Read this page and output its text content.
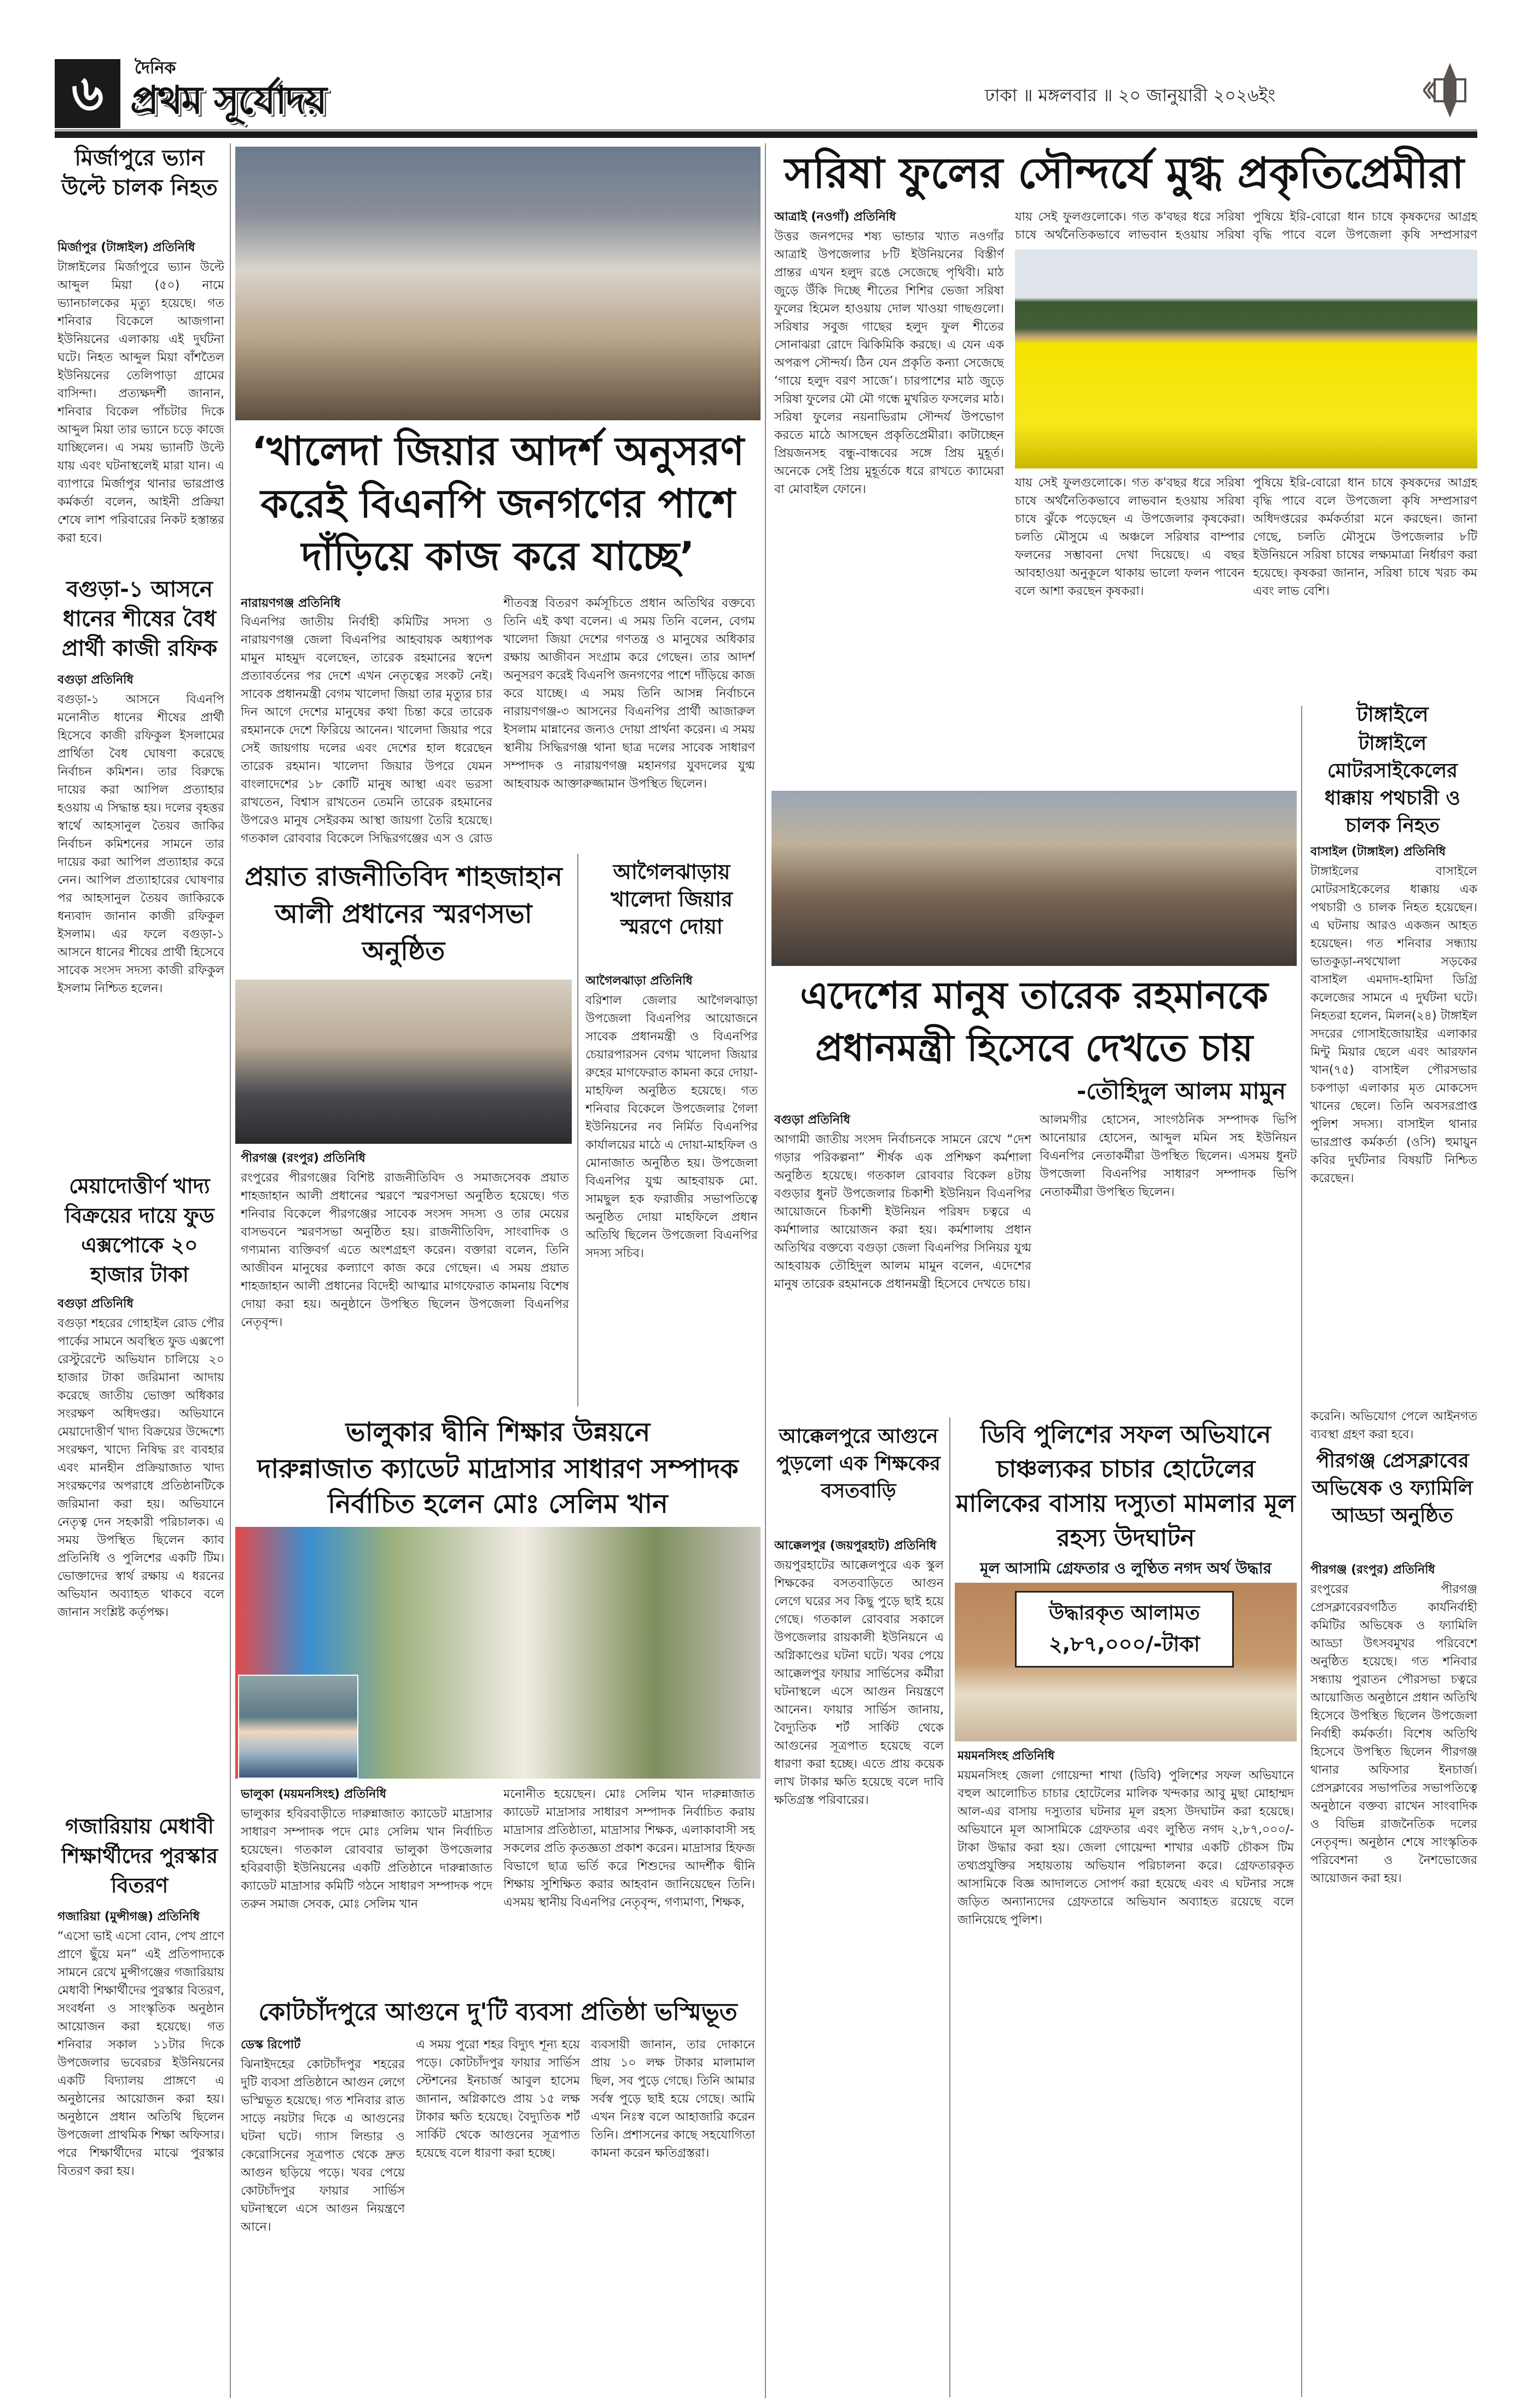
৬	দৈনিক
প্রথম সূর্যোদয়	ঢাকা ॥ মঙ্গলবার ॥ ২০ জানুয়ারী ২০২৬ইং
মির্জাপুরে ভ্যান উল্টে চালক নিহত
মির্জাপুর (টাঙ্গাইল) প্রতিনিধি
টাঙ্গাইলের মির্জাপুরে ভ্যান উল্টে আব্দুল মিয়া (৫০) নামে ভ্যানচালকের মৃত্যু হয়েছে। গত শনিবার বিকেলে আজগানা ইউনিয়নের এলাকায় এই দুর্ঘটনা ঘটে। নিহত আব্দুল মিয়া বাঁশতৈল ইউনিয়নের তেলিপাড়া গ্রামের বাসিন্দা। প্রত্যক্ষদর্শী জানান, শনিবার বিকেল পাঁচটার দিকে আব্দুল মিয়া তার ভ্যানে চড়ে কাজে যাচ্ছিলেন। এ সময় ভ্যানটি উল্টে যায় এবং ঘটনাস্থলেই মারা যান। এ ব্যাপারে মির্জাপুর থানার ভারপ্রাপ্ত কর্মকর্তা বলেন, আইনী প্রক্রিয়া শেষে লাশ পরিবারের নিকট হস্তান্তর করা হবে।
বগুড়া-১ আসনে ধানের শীষের বৈধ প্রার্থী কাজী রফিক
বগুড়া প্রতিনিধি
বগুড়া-১ আসনে বিএনপি মনোনীত ধানের শীষের প্রার্থী হিসেবে কাজী রফিকুল ইসলামের প্রার্থিতা বৈধ ঘোষণা করেছে নির্বাচন কমিশন। তার বিরুদ্ধে দায়ের করা আপিল প্রত্যাহার হওয়ায় এ সিদ্ধান্ত হয়। দলের বৃহত্তর স্বার্থে আহসানুল তৈয়ব জাকির নির্বাচন কমিশনের সামনে তার দায়ের করা আপিল প্রত্যাহার করে নেন। আপিল প্রত্যাহারের ঘোষণার পর আহসানুল তৈয়ব জাকিরকে ধন্যবাদ জানান কাজী রফিকুল ইসলাম। এর ফলে বগুড়া-১ আসনে ধানের শীষের প্রার্থী হিসেবে সাবেক সংসদ সদস্য কাজী রফিকুল ইসলাম নিশ্চিত হলেন।
মেয়াদোত্তীর্ণ খাদ্য বিক্রয়ের দায়ে ফুড এক্সপোকে ২০ হাজার টাকা
বগুড়া প্রতিনিধি
বগুড়া শহরের গোহাইল রোড পৌর পার্কের সামনে অবস্থিত ফুড এক্সপো রেস্টুরেন্টে অভিযান চালিয়ে ২০ হাজার টাকা জরিমানা আদায় করেছে জাতীয় ভোক্তা অধিকার সংরক্ষণ অধিদপ্তর। অভিযানে মেয়াদোত্তীর্ণ খাদ্য বিক্রয়ের উদ্দেশ্যে সংরক্ষণ, খাদ্যে নিষিদ্ধ রং ব্যবহার এবং মানহীন প্রক্রিয়াজাত খাদ্য সংরক্ষণের অপরাধে প্রতিষ্ঠানটিকে জরিমানা করা হয়। অভিযানে নেতৃত্ব দেন সহকারী পরিচালক। এ সময় উপস্থিত ছিলেন ক্যাব প্রতিনিধি ও পুলিশের একটি টিম। ভোক্তাদের স্বার্থ রক্ষায় এ ধরনের অভিযান অব্যাহত থাকবে বলে জানান সংশ্লিষ্ট কর্তৃপক্ষ।
গজারিয়ায় মেধাবী শিক্ষার্থীদের পুরস্কার বিতরণ
গজারিয়া (মুন্সীগঞ্জ) প্রতিনিধি
“এসো ভাই এসো বোন, পেখ প্রাণে প্রাণে ছুঁয়ে মন” এই প্রতিপাদ্যকে সামনে রেখে মুন্সীগঞ্জের গজারিয়ায় মেধাবী শিক্ষার্থীদের পুরস্কার বিতরণ, সংবর্ধনা ও সাংস্কৃতিক অনুষ্ঠান আয়োজন করা হয়েছে। গত শনিবার সকাল ১১টার দিকে উপজেলার ভবেরচর ইউনিয়নের একটি বিদ্যালয় প্রাঙ্গণে এ অনুষ্ঠানের আয়োজন করা হয়। অনুষ্ঠানে প্রধান অতিথি ছিলেন উপজেলা প্রাথমিক শিক্ষা অফিসার। পরে শিক্ষার্থীদের মাঝে পুরস্কার বিতরণ করা হয়।
‘খালেদা জিয়ার আদর্শ অনুসরণ করেই বিএনপি জনগণের পাশে দাঁড়িয়ে কাজ করে যাচ্ছে’
নারায়ণগঞ্জ প্রতিনিধি
বিএনপির জাতীয় নির্বাহী কমিটির সদস্য ও নারায়ণগঞ্জ জেলা বিএনপির আহবায়ক অধ্যাপক মামুন মাহমুদ বলেছেন, তারেক রহমানের স্বদেশ প্রত্যাবর্তনের পর দেশে এখন নেতৃত্বের সংকট নেই। সাবেক প্রধানমন্ত্রী বেগম খালেদা জিয়া তার মৃত্যুর চার দিন আগে দেশের মানুষের কথা চিন্তা করে তারেক রহমানকে দেশে ফিরিয়ে আনেন। খালেদা জিয়ার পরে সেই জায়গায় দলের এবং দেশের হাল ধরেছেন তারেক রহমান। খালেদা জিয়ার উপরে যেমন বাংলাদেশের ১৮ কোটি মানুষ আস্থা এবং ভরসা রাখতেন, বিশ্বাস রাখতেন তেমনি তারেক রহমানের উপরেও মানুষ সেইরকম আস্থা জায়গা তৈরি হয়েছে। গতকাল রোববার বিকেলে সিদ্ধিরগঞ্জের এস ও রোড
শীতবস্ত্র বিতরণ কর্মসূচিতে প্রধান অতিথির বক্তব্যে তিনি এই কথা বলেন। এ সময় তিনি বলেন, বেগম খালেদা জিয়া দেশের গণতন্ত্র ও মানুষের অধিকার রক্ষায় আজীবন সংগ্রাম করে গেছেন। তার আদর্শ অনুসরণ করেই বিএনপি জনগণের পাশে দাঁড়িয়ে কাজ করে যাচ্ছে। এ সময় তিনি আসন্ন নির্বাচনে নারায়ণগঞ্জ-৩ আসনের বিএনপির প্রার্থী আজারুল ইসলাম মান্নানের জন্যও দোয়া প্রার্থনা করেন। এ সময় স্থানীয় সিদ্ধিরগঞ্জ থানা ছাত্র দলের সাবেক সাধারণ সম্পাদক ও নারায়ণগঞ্জ মহানগর যুবদলের যুগ্ম আহবায়ক আক্তারুজ্জামান উপস্থিত ছিলেন।
প্রয়াত রাজনীতিবিদ শাহজাহান আলী প্রধানের স্মরণসভা অনুষ্ঠিত
পীরগঞ্জ (রংপুর) প্রতিনিধি
রংপুরের পীরগঞ্জের বিশিষ্ট রাজনীতিবিদ ও সমাজসেবক প্রয়াত শাহজাহান আলী প্রধানের স্মরণে স্মরণসভা অনুষ্ঠিত হয়েছে। গত শনিবার বিকেলে পীরগঞ্জের সাবেক সংসদ সদস্য ও তার মেয়ের বাসভবনে স্মরণসভা অনুষ্ঠিত হয়। রাজনীতিবিদ, সাংবাদিক ও গণ্যমান্য ব্যক্তিবর্গ এতে অংশগ্রহণ করেন। বক্তারা বলেন, তিনি আজীবন মানুষের কল্যাণে কাজ করে গেছেন। এ সময় প্রয়াত শাহজাহান আলী প্রধানের বিদেহী আত্মার মাগফেরাত কামনায় বিশেষ দোয়া করা হয়। অনুষ্ঠানে উপস্থিত ছিলেন উপজেলা বিএনপির নেতৃবৃন্দ।
আগৈলঝাড়ায় খালেদা জিয়ার স্মরণে দোয়া
আগৈলঝাড়া প্রতিনিধি
বরিশাল জেলার আগৈলঝাড়া উপজেলা বিএনপির আয়োজনে সাবেক প্রধানমন্ত্রী ও বিএনপির চেয়ারপারসন বেগম খালেদা জিয়ার রুহের মাগফেরাত কামনা করে দোয়া-মাহফিল অনুষ্ঠিত হয়েছে। গত শনিবার বিকেলে উপজেলার গৈলা ইউনিয়নের নব নির্মিত বিএনপির কার্যালয়ের মাঠে এ দোয়া-মাহফিল ও মোনাজাত অনুষ্ঠিত হয়। উপজেলা বিএনপির যুগ্ম আহবায়ক মো. সামছুল হক ফরাজীর সভাপতিত্বে অনুষ্ঠিত দোয়া মাহফিলে প্রধান অতিথি ছিলেন উপজেলা বিএনপির সদস্য সচিব।
ভালুকার দ্বীনি শিক্ষার উন্নয়নে
দারুন্নাজাত ক্যাডেট মাদ্রাসার সাধারণ সম্পাদক নির্বাচিত হলেন মোঃ সেলিম খান
ভালুকা (ময়মনসিংহ) প্রতিনিধি
ভালুকার হবিরবাড়ীতে দারুন্নাজাত ক্যাডেট মাদ্রাসার সাধারণ সম্পাদক পদে মোঃ সেলিম খান নির্বাচিত হয়েছেন। গতকাল রোববার ভালুকা উপজেলার হবিরবাড়ী ইউনিয়নের একটি প্রতিষ্ঠানে দারুন্নাজাত ক্যাডেট মাদ্রাসার কমিটি গঠনে সাধারণ সম্পাদক পদে তরুন সমাজ সেবক, মোঃ সেলিম খান
মনোনীত হয়েছেন। মোঃ সেলিম খান দারুন্নাজাত ক্যাডেট মাদ্রাসার সাধারণ সম্পাদক নির্বাচিত করায় মাদ্রাসার প্রতিষ্ঠাতা, মাদ্রাসার শিক্ষক, এলাকাবাসী সহ সকলের প্রতি কৃতজ্ঞতা প্রকাশ করেন। মাদ্রাসার হিফজ বিভাগে ছাত্র ভর্তি করে শিশুদের আদর্শীক দ্বীনি শিক্ষায় সুশিক্ষিত করার আহবান জানিয়েছেন তিনি। এসময় স্থানীয় বিএনপির নেতৃবৃন্দ, গণ্যমাণ্য, শিক্ষক,
কোটচাঁদপুরে আগুনে দু'টি ব্যবসা প্রতিষ্ঠা ভস্মিভূত
ডেস্ক রিপোর্ট
ঝিনাইদহের কোটচাঁদপুর শহরের দুটি ব্যবসা প্রতিষ্ঠানে আগুন লেগে ভস্মিভূত হয়েছে। গত শনিবার রাত সাড়ে নয়টার দিকে এ আগুনের ঘটনা ঘটে। গ্যাস লিন্ডার ও কেরোসিনের সূত্রপাত থেকে দ্রুত আগুন ছড়িয়ে পড়ে। খবর পেয়ে কোটচাঁদপুর ফায়ার সার্ভিস ঘটনাস্থলে এসে আগুন নিয়ন্ত্রণে আনে।
এ সময় পুরো শহর বিদ্যুৎ শূন্য হয়ে পড়ে। কোটচাঁদপুর ফায়ার সার্ভিস স্টেশনের ইনচার্জ আবুল হাসেম জানান, অগ্নিকাণ্ডে প্রায় ১৫ লক্ষ টাকার ক্ষতি হয়েছে। বৈদ্যুতিক শর্ট সার্কিট থেকে আগুনের সূত্রপাত হয়েছে বলে ধারণা করা হচ্ছে।
ব্যবসায়ী জানান, তার দোকানে প্রায় ১০ লক্ষ টাকার মালামাল ছিল, সব পুড়ে গেছে। তিনি আমার সর্বস্ব পুড়ে ছাই হয়ে গেছে। আমি এখন নিঃস্ব বলে আহাজারি করেন তিনি। প্রশাসনের কাছে সহযোগিতা কামনা করেন ক্ষতিগ্রস্তরা।
সরিষা ফুলের সৌন্দর্যে মুগ্ধ প্রকৃতিপ্রেমীরা
আত্রাই (নওগাঁ) প্রতিনিধি
উত্তর জনপদের শষ্য ভান্ডার খ্যাত নওগাঁর আত্রাই উপজেলার ৮টি ইউনিয়নের বিস্তীর্ণ প্রান্তর এখন হলুদ রঙে সেজেছে পৃথিবী। মাঠ জুড়ে উঁকি দিচ্ছে শীতের শিশির ভেজা সরিষা ফুলের হিমেল হাওয়ায় দোল খাওয়া গাছগুলো। সরিষার সবুজ গাছের হলুদ ফুল শীতের সোনাঝরা রোদে ঝিকিমিকি করছে। এ যেন এক অপরূপ সৌন্দর্য। ঠিন যেন প্রকৃতি কন্যা সেজেছে ‘গায়ে হলুদ বরণ সাজে’। চারপাশের মাঠ জুড়ে সরিষা ফুলের মৌ মৌ গন্ধে মুখরিত ফসলের মাঠ। সরিষা ফুলের নয়নাভিরাম সৌন্দর্য উপভোগ করতে মাঠে আসছেন প্রকৃতিপ্রেমীরা। কাটাচ্ছেন প্রিয়জনসহ বন্ধু-বান্ধবের সঙ্গে প্রিয় মুহূর্ত। অনেকে সেই প্রিয় মুহূর্তকে ধরে রাখতে ক্যামেরা বা মোবাইল ফোনে।
যায় সেই ফুলগুলোকে। গত ক'বছর ধরে সরিষা চাষে অর্থনৈতিকভাবে লাভবান হওয়ায় সরিষা
পুষিয়ে ইরি-বোরো ধান চাষে কৃষকদের আগ্রহ বৃদ্ধি পাবে বলে উপজেলা কৃষি সম্প্রসারণ
যায় সেই ফুলগুলোকে। গত ক'বছর ধরে সরিষা চাষে অর্থনৈতিকভাবে লাভবান হওয়ায় সরিষা চাষে ঝুঁকে পড়েছেন এ উপজেলার কৃষকেরা। চলতি মৌসুমে এ অঞ্চলে সরিষার বাম্পার ফলনের সম্ভাবনা দেখা দিয়েছে। এ বছর আবহাওয়া অনুকূলে থাকায় ভালো ফলন পাবেন বলে আশা করছেন কৃষকরা।
পুষিয়ে ইরি-বোরো ধান চাষে কৃষকদের আগ্রহ বৃদ্ধি পাবে বলে উপজেলা কৃষি সম্প্রসারণ অধিদপ্তরের কর্মকর্তারা মনে করছেন। জানা গেছে, চলতি মৌসুমে উপজেলার ৮টি ইউনিয়নে সরিষা চাষের লক্ষ্যমাত্রা নির্ধারণ করা হয়েছে। কৃষকরা জানান, সরিষা চাষে খরচ কম এবং লাভ বেশি।
এদেশের মানুষ তারেক রহমানকে প্রধানমন্ত্রী হিসেবে দেখতে চায়
-তৌহিদুল আলম মামুন
বগুড়া প্রতিনিধি
আগামী জাতীয় সংসদ নির্বাচনকে সামনে রেখে “দেশ গড়ার পরিকল্পনা” শীর্ষক এক প্রশিক্ষণ কর্মশালা অনুষ্ঠিত হয়েছে। গতকাল রোববার বিকেল ৪টায় বগুড়ার ধুনট উপজেলার চিকাশী ইউনিয়ন বিএনপির আয়োজনে চিকাশী ইউনিয়ন পরিষদ চত্বরে এ কর্মশালার আয়োজন করা হয়। কর্মশালায় প্রধান অতিথির বক্তব্যে বগুড়া জেলা বিএনপির সিনিয়র যুগ্ম আহবায়ক তৌহিদুল আলম মামুন বলেন, এদেশের মানুষ তারেক রহমানকে প্রধানমন্ত্রী হিসেবে দেখতে চায়।
আলমগীর হোসেন, সাংগঠনিক সম্পাদক ভিপি আনোয়ার হোসেন, আব্দুল মমিন সহ ইউনিয়ন বিএনপির নেতাকর্মীরা উপস্থিত ছিলেন। এসময় ধুনট উপজেলা বিএনপির সাধারণ সম্পাদক ভিপি নেতাকর্মীরা উপস্থিত ছিলেন।
টাঙ্গাইলে
টাঙ্গাইলে মোটরসাইকেলের ধাক্কায় পথচারী ও চালক নিহত
বাসাইল (টাঙ্গাইল) প্রতিনিধি
টাঙ্গাইলের বাসাইলে মোটরসাইকেলের ধাক্কায় এক পথচারী ও চালক নিহত হয়েছেন। এ ঘটনায় আরও একজন আহত হয়েছেন। গত শনিবার সন্ধ্যায় ভাতকুড়া-নথখোলা সড়কের বাসাইল এমদাদ-হামিদা ডিগ্রি কলেজের সামনে এ দুর্ঘটনা ঘটে। নিহতরা হলেন, মিলন(২৪) টাঙ্গাইল সদরের গোসাইজোয়াইর এলাকার মিন্টু মিয়ার ছেলে এবং আরফান খান(৭৫) বাসাইল পৌরসভার চকপাড়া এলাকার মৃত মোকসেদ খানের ছেলে। তিনি অবসরপ্রাপ্ত পুলিশ সদস্য। বাসাইল থানার ভারপ্রাপ্ত কর্মকর্তা (ওসি) হুমায়ুন কবির দুর্ঘটনার বিষয়টি নিশ্চিত করেছেন।
করেনি। অভিযোগ পেলে আইনগত ব্যবস্থা গ্রহণ করা হবে।
পীরগঞ্জ প্রেসক্লাবের অভিষেক ও ফ্যামিলি আড্ডা অনুষ্ঠিত
পীরগঞ্জ (রংপুর) প্রতিনিধি
রংপুরের পীরগঞ্জ প্রেসক্লাবেরবগঠিত কার্যনির্বাহী কমিটির অভিষেক ও ফ্যামিলি আড্ডা উৎসবমুখর পরিবেশে অনুষ্ঠিত হয়েছে। গত শনিবার সন্ধ্যায় পুরাতন পৌরসভা চত্বরে আয়োজিত অনুষ্ঠানে প্রধান অতিথি হিসেবে উপস্থিত ছিলেন উপজেলা নির্বাহী কর্মকর্তা। বিশেষ অতিথি হিসেবে উপস্থিত ছিলেন পীরগঞ্জ থানার অফিসার ইনচার্জ। প্রেসক্লাবের সভাপতির সভাপতিত্বে অনুষ্ঠানে বক্তব্য রাখেন সাংবাদিক ও বিভিন্ন রাজনৈতিক দলের নেতৃবৃন্দ। অনুষ্ঠান শেষে সাংস্কৃতিক পরিবেশনা ও নৈশভোজের আয়োজন করা হয়।
আক্কেলপুরে আগুনে পুড়লো এক শিক্ষকের বসতবাড়ি
আক্কেলপুর (জয়পুরহাট) প্রতিনিধি
জয়পুরহাটের আক্কেলপুরে এক স্কুল শিক্ষকের বসতবাড়িতে আগুন লেগে ঘরের সব কিছু পুড়ে ছাই হয়ে গেছে। গতকাল রোববার সকালে উপজেলার রায়কালী ইউনিয়নে এ অগ্নিকাণ্ডের ঘটনা ঘটে। খবর পেয়ে আক্কেলপুর ফায়ার সার্ভিসের কর্মীরা ঘটনাস্থলে এসে আগুন নিয়ন্ত্রণে আনেন। ফায়ার সার্ভিস জানায়, বৈদ্যুতিক শর্ট সার্কিট থেকে আগুনের সূত্রপাত হয়েছে বলে ধারণা করা হচ্ছে। এতে প্রায় কয়েক লাখ টাকার ক্ষতি হয়েছে বলে দাবি ক্ষতিগ্রস্ত পরিবারের।
ডিবি পুলিশের সফল অভিযানে চাঞ্চল্যকর চাচার হোটেলের মালিকের বাসায় দস্যুতা মামলার মূল রহস্য উদঘাটন
মূল আসামি গ্রেফতার ও লুণ্ঠিত নগদ অর্থ উদ্ধার
উদ্ধারকৃত আলামত
২,৮৭,০০০/-টাকা
ময়মনসিংহ প্রতিনিধি
ময়মনসিংহ জেলা গোয়েন্দা শাখা (ডিবি) পুলিশের সফল অভিযানে বহুল আলোচিত চাচার হোটেলের মালিক খন্দকার আবু মুছা মোহাম্মদ আল-এর বাসায় দস্যুতার ঘটনার মূল রহস্য উদঘাটন করা হয়েছে। অভিযানে মূল আসামিকে গ্রেফতার এবং লুণ্ঠিত নগদ ২,৮৭,০০০/- টাকা উদ্ধার করা হয়। জেলা গোয়েন্দা শাখার একটি চৌকস টিম তথ্যপ্রযুক্তির সহায়তায় অভিযান পরিচালনা করে। গ্রেফতারকৃত আসামিকে বিজ্ঞ আদালতে সোপর্দ করা হয়েছে এবং এ ঘটনার সঙ্গে জড়িত অন্যান্যদের গ্রেফতারে অভিযান অব্যাহত রয়েছে বলে জানিয়েছে পুলিশ।
